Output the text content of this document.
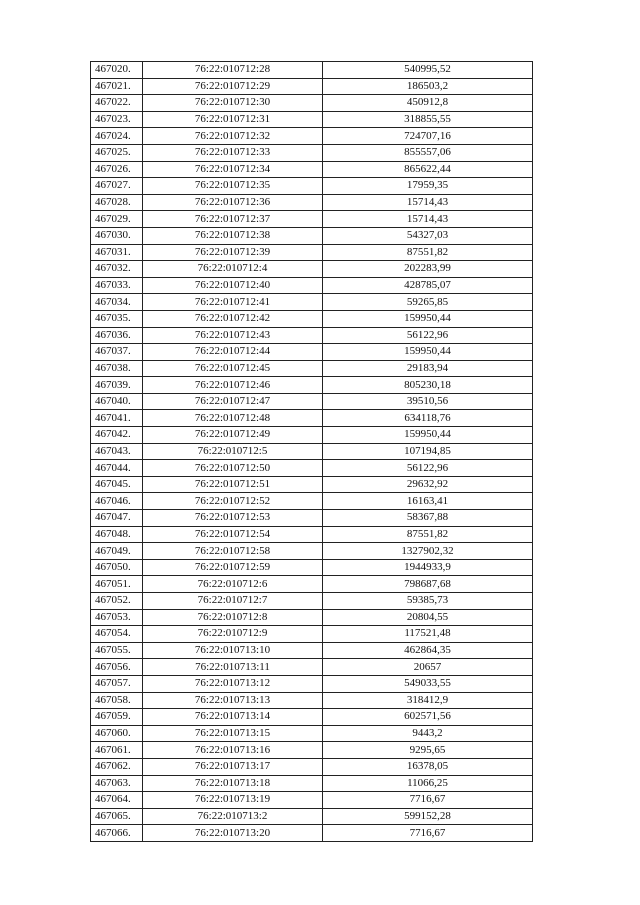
467020.	76:22:010712:28	540995,52
467021.	76:22:010712:29	186503,2
467022.	76:22:010712:30	450912,8
467023.	76:22:010712:31	318855,55
467024.	76:22:010712:32	724707,16
467025.	76:22:010712:33	855557,06
467026.	76:22:010712:34	865622,44
467027.	76:22:010712:35	17959,35
467028.	76:22:010712:36	15714,43
467029.	76:22:010712:37	15714,43
467030.	76:22:010712:38	54327,03
467031.	76:22:010712:39	87551,82
467032.	76:22:010712:4	202283,99
467033.	76:22:010712:40	428785,07
467034.	76:22:010712:41	59265,85
467035.	76:22:010712:42	159950,44
467036.	76:22:010712:43	56122,96
467037.	76:22:010712:44	159950,44
467038.	76:22:010712:45	29183,94
467039.	76:22:010712:46	805230,18
467040.	76:22:010712:47	39510,56
467041.	76:22:010712:48	634118,76
467042.	76:22:010712:49	159950,44
467043.	76:22:010712:5	107194,85
467044.	76:22:010712:50	56122,96
467045.	76:22:010712:51	29632,92
467046.	76:22:010712:52	16163,41
467047.	76:22:010712:53	58367,88
467048.	76:22:010712:54	87551,82
467049.	76:22:010712:58	1327902,32
467050.	76:22:010712:59	1944933,9
467051.	76:22:010712:6	798687,68
467052.	76:22:010712:7	59385,73
467053.	76:22:010712:8	20804,55
467054.	76:22:010712:9	117521,48
467055.	76:22:010713:10	462864,35
467056.	76:22:010713:11	20657
467057.	76:22:010713:12	549033,55
467058.	76:22:010713:13	318412,9
467059.	76:22:010713:14	602571,56
467060.	76:22:010713:15	9443,2
467061.	76:22:010713:16	9295,65
467062.	76:22:010713:17	16378,05
467063.	76:22:010713:18	11066,25
467064.	76:22:010713:19	7716,67
467065.	76:22:010713:2	599152,28
467066.	76:22:010713:20	7716,67
